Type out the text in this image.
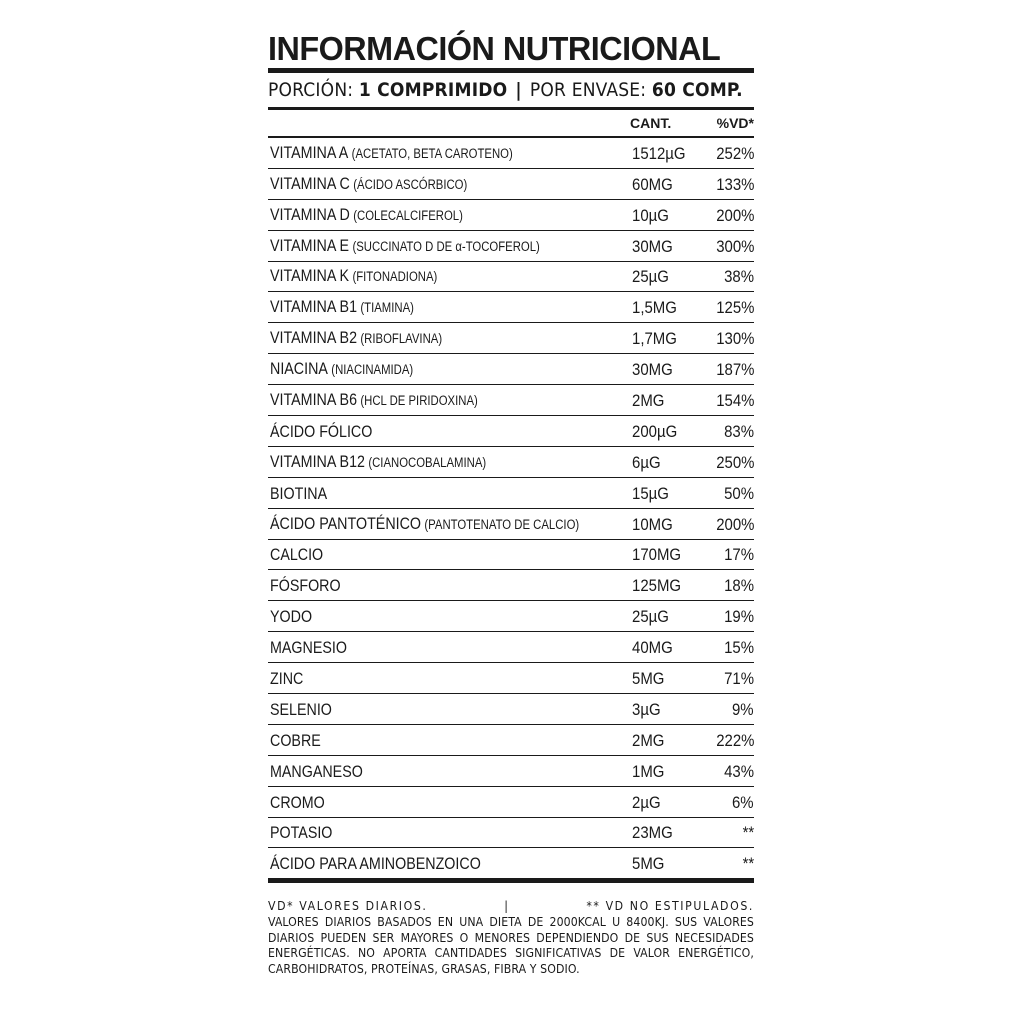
INFORMACIÓN NUTRICIONAL
PORCIÓN:
1 COMPRIMIDO | POR ENVASE:
60 COMP.
CANT.	%VD*
VITAMINA A (ACETATO, BETA CAROTENO)	1512µG 252%
VITAMINA C (ÁCIDO ASCÓRBICO)	60MG	133%
VITAMINA D (COLECALCIFEROL)	10µG	200%
VITAMINA E (SUCCINATO D DE α-TOCOFEROL)	30MG	300%
VITAMINA K (FITONADIONA)	25µG	38%
VITAMINA B1 (TIAMINA)	1,5MG 125%
VITAMINA B2 (RIBOFLAVINA)	1,7MG 130%
NIACINA (NIACINAMIDA)	30MG	187%
VITAMINA B6 (HCL DE PIRIDOXINA)	2MG	154%
ÁCIDO FÓLICO	200µG	83%
VITAMINA B12 (CIANOCOBALAMINA)	6µG	250%
BIOTINA	15µG	50%
ÁCIDO PANTOTÉNICO (PANTOTENATO DE CALCIO)	10MG	200%
CALCIO	170MG	17%
FÓSFORO	125MG	18%
YODO	25µG	19%
MAGNESIO	40MG	15%
ZINC	5MG	71%
SELENIO	3µG	9%
COBRE	2MG	222%
MANGANESO	1MG	43%
CROMO	2µG	6%
POTASIO	23MG	**
ÁCIDO PARA AMINOBENZOICO	5MG	**

VD* VALORES DIARIOS.	|	** VD NO ESTIPULADOS.

VALORES DIARIOS BASADOS EN UNA DIETA DE 2000KCAL U 8400KJ. SUS VALORES DIARIOS PUEDEN SER MAYORES O MENORES DEPENDIENDO DE SUS NECESIDADES ENERGÉTICAS. NO APORTA CANTIDADES SIGNIFICATIVAS DE VALOR ENERGÉTICO, CARBOHIDRATOS, PROTEÍNAS, GRASAS, FIBRA Y SODIO.
